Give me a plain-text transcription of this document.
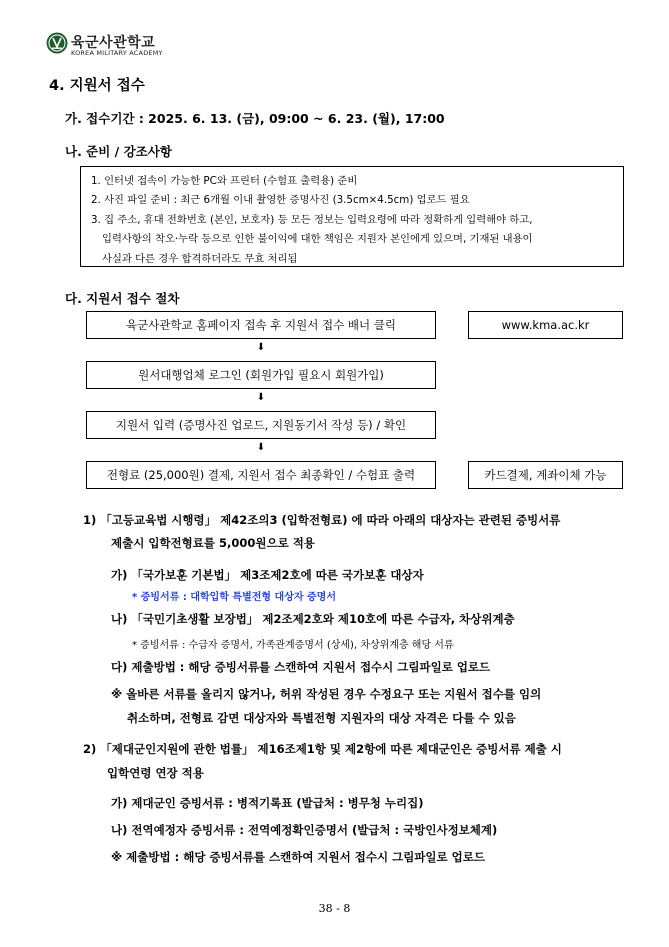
육군사관학교
KOREA MILITARY ACADEMY
4. 지원서 접수
가. 접수기간 : 2025. 6. 13. (금), 09:00 ~ 6. 23. (월), 17:00
나. 준비 / 강조사항
1. 인터넷 접속이 가능한 PC와 프린터 (수험표 출력용) 준비
2. 사진 파일 준비 : 최근 6개월 이내 촬영한 증명사진 (3.5cm×4.5cm) 업로드 필요
3. 집 주소, 휴대 전화번호 (본인, 보호자) 등 모든 정보는 입력요령에 따라 정확하게 입력해야 하고,
입력사항의 착오·누락 등으로 인한 불이익에 대한 책임은 지원자 본인에게 있으며, 기재된 내용이
사실과 다른 경우 합격하더라도 무효 처리됨
다. 지원서 접수 절차
육군사관학교 홈페이지 접속 후 지원서 접수 배너 클릭	www.kma.ac.kr
⬇
원서대행업체 로그인 (회원가입 필요시 회원가입)
⬇
지원서 입력 (증명사진 업로드, 지원동기서 작성 등) / 확인
⬇
전형료 (25,000원) 결제, 지원서 접수 최종확인 / 수험표 출력	카드결제, 계좌이체 가능
1) 「고등교육법 시행령」 제42조의3 (입학전형료) 에 따라 아래의 대상자는 관련된 증빙서류
제출시 입학전형료를 5,000원으로 적용
가) 「국가보훈 기본법」 제3조제2호에 따른 국가보훈 대상자
* 증빙서류 : 대학입학 특별전형 대상자 증명서
나) 「국민기초생활 보장법」 제2조제2호와 제10호에 따른 수급자, 차상위계층
* 증빙서류 : 수급자 증명서, 가족관계증명서 (상세), 차상위계층 해당 서류
다) 제출방법 : 해당 증빙서류를 스캔하여 지원서 접수시 그림파일로 업로드
※ 올바른 서류를 올리지 않거나, 허위 작성된 경우 수정요구 또는 지원서 접수를 임의
취소하며, 전형료 감면 대상자와 특별전형 지원자의 대상 자격은 다를 수 있음
2) 「제대군인지원에 관한 법률」 제16조제1항 및 제2항에 따른 제대군인은 증빙서류 제출 시
입학연령 연장 적용
가) 제대군인 증빙서류 : 병적기록표 (발급처 : 병무청 누리집)
나) 전역예정자 증빙서류 : 전역예정확인증명서 (발급처 : 국방인사정보체계)
※ 제출방법 : 해당 증빙서류를 스캔하여 지원서 접수시 그림파일로 업로드
38 - 8
